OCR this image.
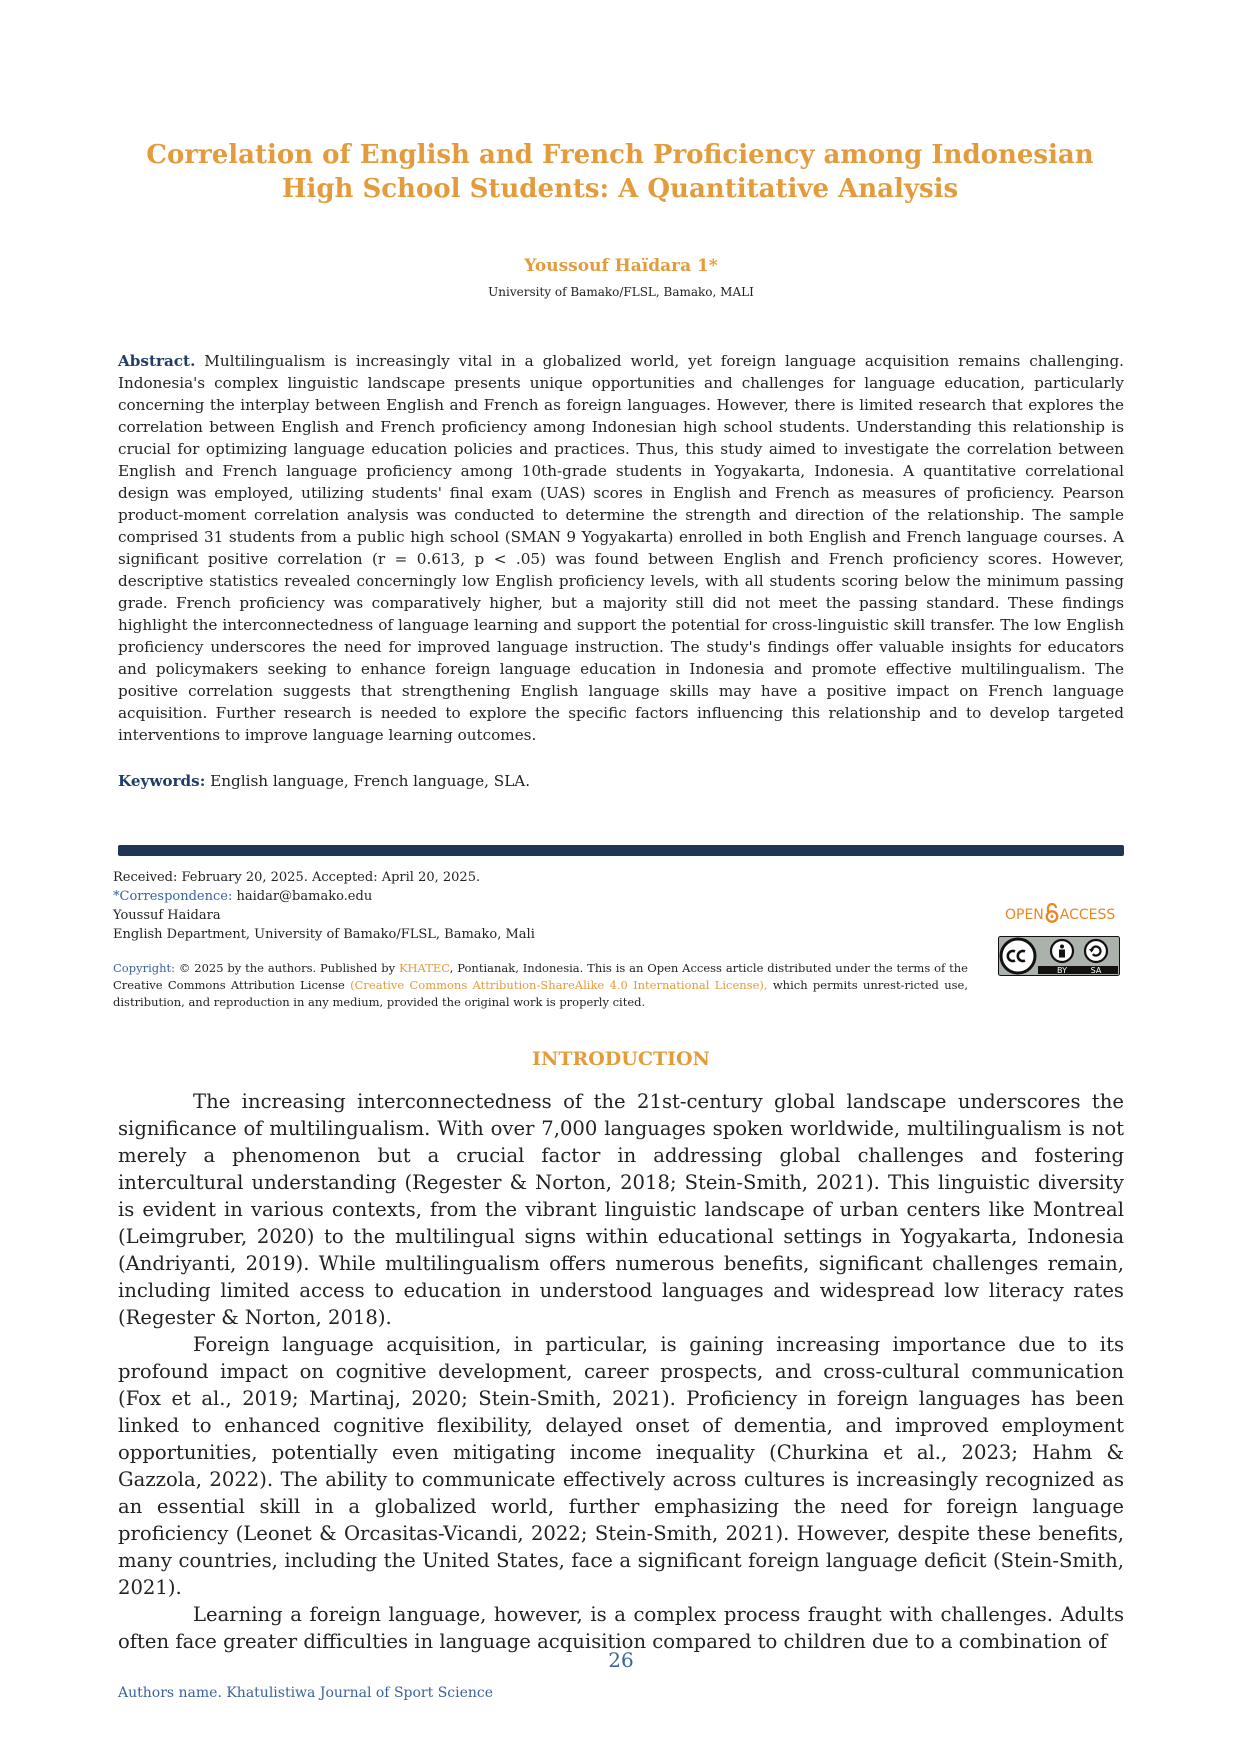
Correlation of English and French Proficiency among Indonesian High School Students: A Quantitative Analysis
Youssouf Haïdara 1*
University of Bamako/FLSL, Bamako, MALI

Abstract. Multilingualism is increasingly vital in a globalized world, yet foreign language acquisition remains challenging. Indonesia's complex linguistic landscape presents unique opportunities and challenges for language education, particularly concerning the interplay between English and French as foreign languages. However, there is limited research that explores the correlation between English and French proficiency among Indonesian high school students. Understanding this relationship is crucial for optimizing language education policies and practices. Thus, this study aimed to investigate the correlation between English and French language proficiency among 10th-grade students in Yogyakarta, Indonesia. A quantitative correlational design was employed, utilizing students' final exam (UAS) scores in English and French as measures of proficiency. Pearson product-moment correlation analysis was conducted to determine the strength and direction of the relationship. The sample comprised 31 students from a public high school (SMAN 9 Yogyakarta) enrolled in both English and French language courses. A significant positive correlation (r = 0.613, p < .05) was found between English and French proficiency scores. However, descriptive statistics revealed concerningly low English proficiency levels, with all students scoring below the minimum passing grade. French proficiency was comparatively higher, but a majority still did not meet the passing standard. These findings highlight the interconnectedness of language learning and support the potential for cross-linguistic skill transfer. The low English proficiency underscores the need for improved language instruction. The study's findings offer valuable insights for educators and policymakers seeking to enhance foreign language education in Indonesia and promote effective multilingualism. The positive correlation suggests that strengthening English language skills may have a positive impact on French language acquisition. Further research is needed to explore the specific factors influencing this relationship and to develop targeted interventions to improve language learning outcomes.

Keywords: English language, French language, SLA.

Received: February 20, 2025. Accepted: April 20, 2025.
*Correspondence: haidar@bamako.edu
Youssuf Haidara
English Department, University of Bamako/FLSL, Bamako, Mali

Copyright: © 2025 by the authors. Published by KHATEC, Pontianak, Indonesia. This is an Open Access article distributed under the terms of the Creative Commons Attribution License (Creative Commons Attribution-ShareAlike 4.0 International License), which permits unrest-ricted use, distribution, and reproduction in any medium, provided the original work is properly cited.

OPEN ACCESS
BY	SA
INTRODUCTION

The increasing interconnectedness of the 21st-century global landscape underscores the significance of multilingualism. With over 7,000 languages spoken worldwide, multilingualism is not merely a phenomenon but a crucial factor in addressing global challenges and fostering intercultural understanding (Regester & Norton, 2018; Stein-Smith, 2021). This linguistic diversity is evident in various contexts, from the vibrant linguistic landscape of urban centers like Montreal (Leimgruber, 2020) to the multilingual signs within educational settings in Yogyakarta, Indonesia (Andriyanti, 2019). While multilingualism offers numerous benefits, significant challenges remain, including limited access to education in understood languages and widespread low literacy rates (Regester & Norton, 2018).

Foreign language acquisition, in particular, is gaining increasing importance due to its profound impact on cognitive development, career prospects, and cross-cultural communication (Fox et al., 2019; Martinaj, 2020; Stein-Smith, 2021). Proficiency in foreign languages has been linked to enhanced cognitive flexibility, delayed onset of dementia, and improved employment opportunities, potentially even mitigating income inequality (Churkina et al., 2023; Hahm & Gazzola, 2022). The ability to communicate effectively across cultures is increasingly recognized as an essential skill in a globalized world, further emphasizing the need for foreign language proficiency (Leonet & Orcasitas-Vicandi, 2022; Stein-Smith, 2021). However, despite these benefits, many countries, including the United States, face a significant foreign language deficit (Stein-Smith, 2021).

Learning a foreign language, however, is a complex process fraught with challenges. Adults often face greater difficulties in language acquisition compared to children due to a combination of

26
Authors name. Khatulistiwa Journal of Sport Science
